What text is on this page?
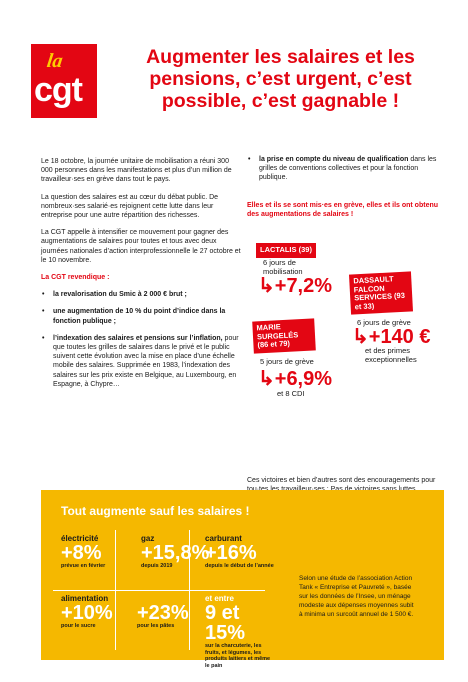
la
cgt
Augmenter les salaires et les pensions, c’est urgent, c’est possible, c’est gagnable !

Le 18 octobre, la journée unitaire de mobilisation a réuni 300 000 personnes dans les manifestations et plus d’un million de travailleur·ses en grève dans tout le pays.

La question des salaires est au cœur du débat public. De nombreux·ses salarié·es rejoignent cette lutte dans leur entreprise pour une autre répartition des richesses.

La CGT appelle à intensifier ce mouvement pour gagner des augmentations de salaires pour toutes et tous avec deux journées nationales d’action interprofessionnelle le 27 octobre et le 10 novembre.

La CGT revendique :

• la revalorisation du Smic à 2 000 € brut ;
• une augmentation de 10 % du point d’indice dans la fonction publique ;
• l’indexation des salaires et pensions sur l’inflation, pour que toutes les grilles de salaires dans le privé et le public suivent cette évolution avec la mise en place d’une échelle mobile des salaires. Supprimée en 1983, l’indexation des salaires sur les prix existe en Belgique, au Luxembourg, en Espagne, à Chypre…
• la prise en compte du niveau de qualification dans les grilles de conventions collectives et pour la fonction publique.
Elles et ils se sont mis·es en grève, elles et ils ont obtenu des augmentations de salaires !
LACTALIS (39)
6 jours de mobilisation
↳+7,2%	DASSAULT FALCON SERVICES (93 et 33)
6 jours de grève
↳+140 €
et des primes exceptionnelles
MARIE SURGELÉS (86 et 79)
5 jours de grève
↳+6,9%
et 8 CDI
Ces victoires et bien d’autres sont des encouragements pour
Tout augmente sauf les salaires !
électricité
+8%
prévue en février
gaz
+15,8%
depuis 2019
carburant
+16%
depuis le début de l’année
alimentation
+10%
pour le sucre
+23%
pour les pâtes
et entre
9 et 15%
sur la charcuterie, les fruits, et légumes, les produits laitiers et même le pain
Selon une étude de l’association Action Tank « Entreprise et Pauvreté », basée sur les données de l’Insee, un ménage modeste aux dépenses moyennes subit à minima un surcoût annuel de 1 500 €.
